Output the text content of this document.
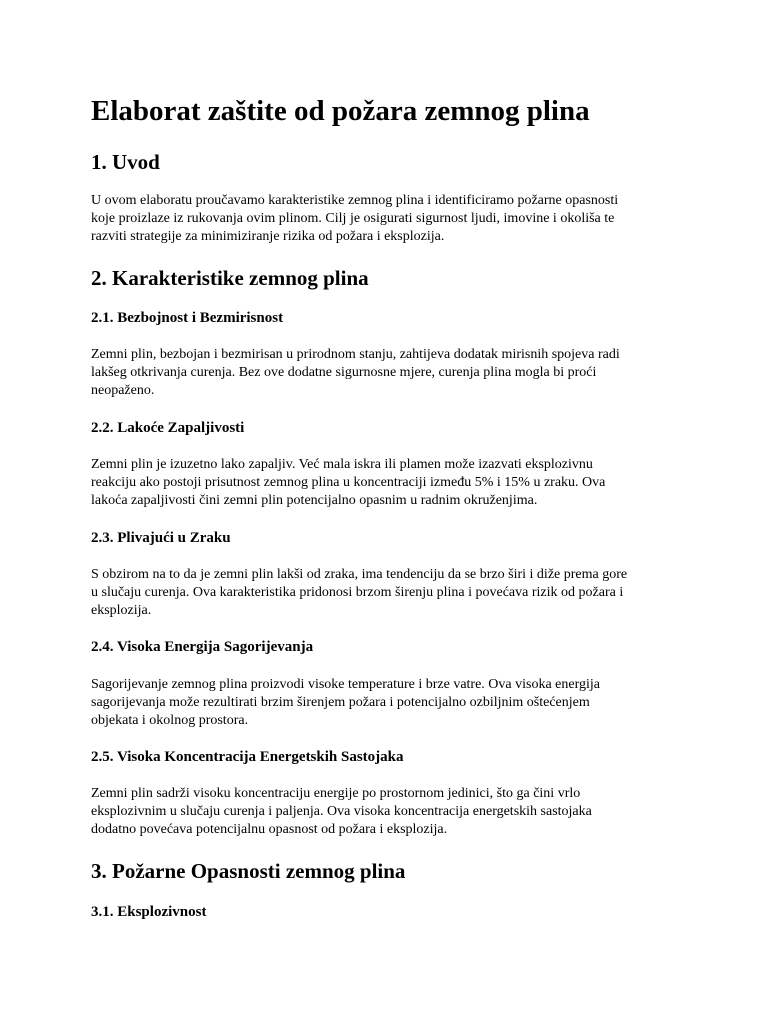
Elaborat zaštite od požara zemnog plina
1. Uvod

U ovom elaboratu proučavamo karakteristike zemnog plina i identificiramo požarne opasnosti
koje proizlaze iz rukovanja ovim plinom. Cilj je osigurati sigurnost ljudi, imovine i okoliša te
razviti strategije za minimiziranje rizika od požara i eksplozija.

2. Karakteristike zemnog plina
2.1. Bezbojnost i Bezmirisnost

Zemni plin, bezbojan i bezmirisan u prirodnom stanju, zahtijeva dodatak mirisnih spojeva radi
lakšeg otkrivanja curenja. Bez ove dodatne sigurnosne mjere, curenja plina mogla bi proći
neopaženo.

2.2. Lakoće Zapaljivosti

Zemni plin je izuzetno lako zapaljiv. Već mala iskra ili plamen može izazvati eksplozivnu
reakciju ako postoji prisutnost zemnog plina u koncentraciji između 5% i 15% u zraku. Ova
lakoća zapaljivosti čini zemni plin potencijalno opasnim u radnim okruženjima.

2.3. Plivajući u Zraku

S obzirom na to da je zemni plin lakši od zraka, ima tendenciju da se brzo širi i diže prema gore
u slučaju curenja. Ova karakteristika pridonosi brzom širenju plina i povećava rizik od požara i
eksplozija.

2.4. Visoka Energija Sagorijevanja

Sagorijevanje zemnog plina proizvodi visoke temperature i brze vatre. Ova visoka energija
sagorijevanja može rezultirati brzim širenjem požara i potencijalno ozbiljnim oštećenjem
objekata i okolnog prostora.

2.5. Visoka Koncentracija Energetskih Sastojaka

Zemni plin sadrži visoku koncentraciju energije po prostornom jedinici, što ga čini vrlo
eksplozivnim u slučaju curenja i paljenja. Ova visoka koncentracija energetskih sastojaka
dodatno povećava potencijalnu opasnost od požara i eksplozija.

3. Požarne Opasnosti zemnog plina
3.1. Eksplozivnost
